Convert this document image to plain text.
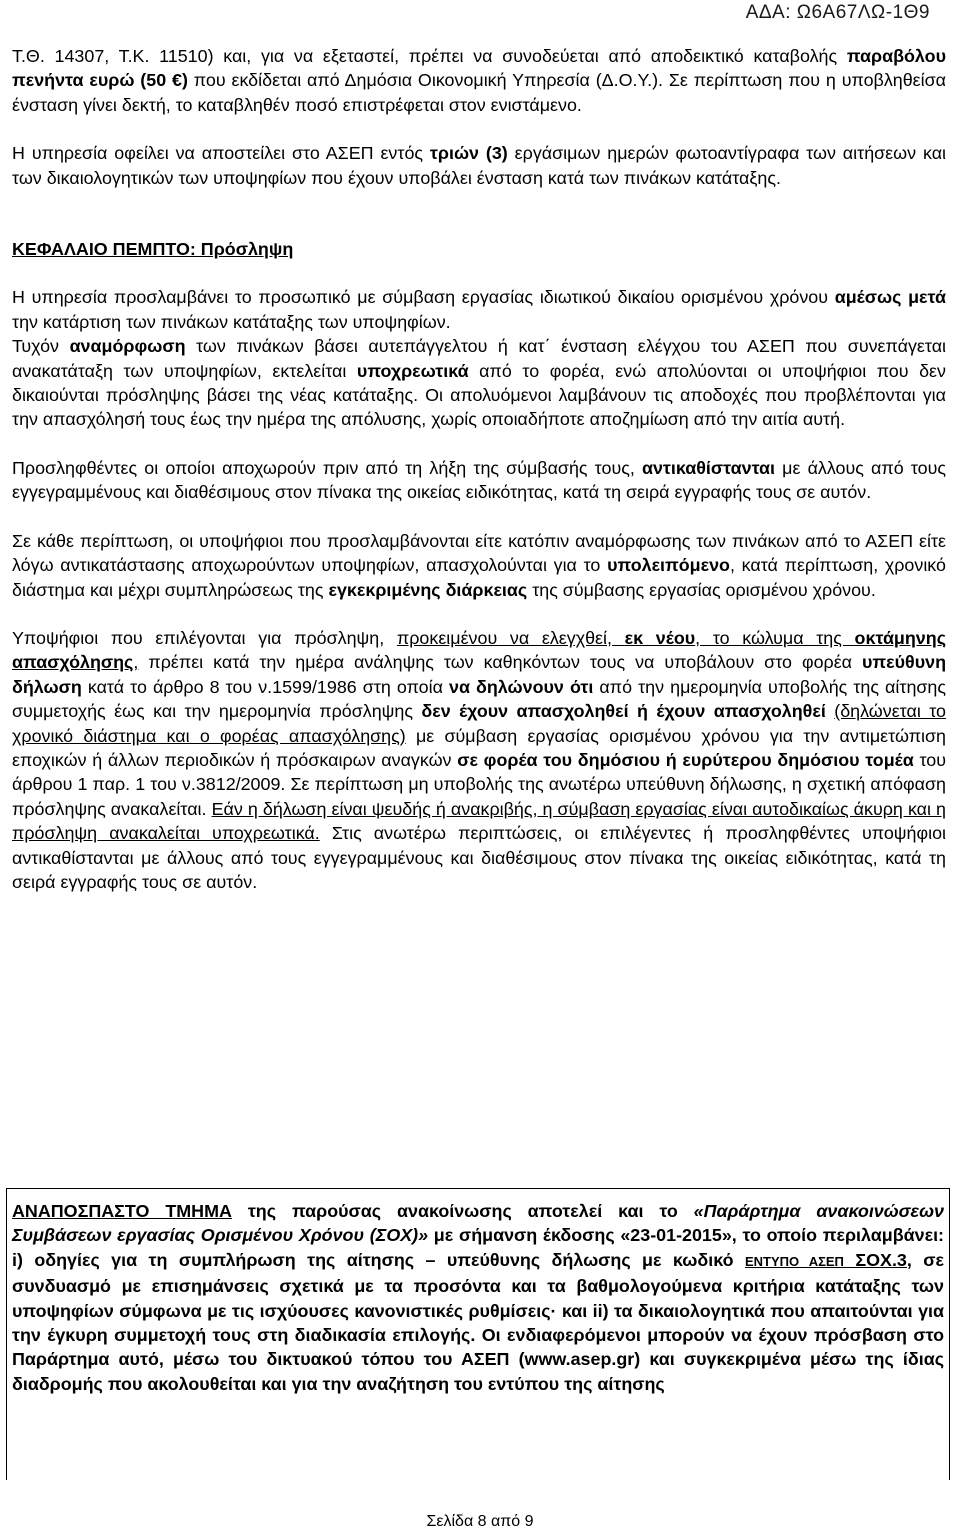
ΑΔΑ: Ω6Α67ΛΩ-1Θ9

Τ.Θ. 14307, Τ.Κ. 11510) και, για να εξεταστεί, πρέπει να συνοδεύεται από αποδεικτικό καταβολής παραβόλου πενήντα ευρώ (50 €) που εκδίδεται από Δημόσια Οικονομική Υπηρεσία (Δ.Ο.Υ.). Σε περίπτωση που η υποβληθείσα ένσταση γίνει δεκτή, το καταβληθέν ποσό επιστρέφεται στον ενιστάμενο.

Η υπηρεσία οφείλει να αποστείλει στο ΑΣΕΠ εντός τριών (3) εργάσιμων ημερών φωτοαντίγραφα των αιτήσεων και των δικαιολογητικών των υποψηφίων που έχουν υποβάλει ένσταση κατά των πινάκων κατάταξης.

ΚΕΦΑΛΑΙΟ ΠΕΜΠΤΟ: Πρόσληψη

Η υπηρεσία προσλαμβάνει το προσωπικό με σύμβαση εργασίας ιδιωτικού δικαίου ορισμένου χρόνου αμέσως μετά την κατάρτιση των πινάκων κατάταξης των υποψηφίων.

Τυχόν αναμόρφωση των πινάκων βάσει αυτεπάγγελτου ή κατ΄ ένσταση ελέγχου του ΑΣΕΠ που συνεπάγεται ανακατάταξη των υποψηφίων, εκτελείται υποχρεωτικά από το φορέα, ενώ απολύονται οι υποψήφιοι που δεν δικαιούνται πρόσληψης βάσει της νέας κατάταξης. Οι απολυόμενοι λαμβάνουν τις αποδοχές που προβλέπονται για την απασχόλησή τους έως την ημέρα της απόλυσης, χωρίς οποιαδήποτε αποζημίωση από την αιτία αυτή.

Προσληφθέντες οι οποίοι αποχωρούν πριν από τη λήξη της σύμβασής τους, αντικαθίστανται με άλλους από τους εγγεγραμμένους και διαθέσιμους στον πίνακα της οικείας ειδικότητας, κατά τη σειρά εγγραφής τους σε αυτόν.

Σε κάθε περίπτωση, οι υποψήφιοι που προσλαμβάνονται είτε κατόπιν αναμόρφωσης των πινάκων από το ΑΣΕΠ είτε λόγω αντικατάστασης αποχωρούντων υποψηφίων, απασχολούνται για το υπολειπόμενο, κατά περίπτωση, χρονικό διάστημα και μέχρι συμπληρώσεως της εγκεκριμένης διάρκειας της σύμβασης εργασίας ορισμένου χρόνου.

Υποψήφιοι που επιλέγονται για πρόσληψη, προκειμένου να ελεγχθεί, εκ νέου, το κώλυμα της οκτάμηνης απασχόλησης, πρέπει κατά την ημέρα ανάληψης των καθηκόντων τους να υποβάλουν στο φορέα υπεύθυνη δήλωση κατά το άρθρο 8 του ν.1599/1986 στη οποία να δηλώνουν ότι από την ημερομηνία υποβολής της αίτησης συμμετοχής έως και την ημερομηνία πρόσληψης δεν έχουν απασχοληθεί ή έχουν απασχοληθεί (δηλώνεται το χρονικό διάστημα και ο φορέας απασχόλησης) με σύμβαση εργασίας ορισμένου χρόνου για την αντιμετώπιση εποχικών ή άλλων περιοδικών ή πρόσκαιρων αναγκών σε φορέα του δημόσιου ή ευρύτερου δημόσιου τομέα του άρθρου 1 παρ. 1 του ν.3812/2009. Σε περίπτωση μη υποβολής της ανωτέρω υπεύθυνη δήλωσης, η σχετική απόφαση πρόσληψης ανακαλείται. Εάν η δήλωση είναι ψευδής ή ανακριβής, η σύμβαση εργασίας είναι αυτοδικαίως άκυρη και η πρόσληψη ανακαλείται υποχρεωτικά. Στις ανωτέρω περιπτώσεις, οι επιλέγεντες ή προσληφθέντες υποψήφιοι αντικαθίστανται με άλλους από τους εγγεγραμμένους και διαθέσιμους στον πίνακα της οικείας ειδικότητας, κατά τη σειρά εγγραφής τους σε αυτόν.

ΑΝΑΠΟΣΠΑΣΤΟ ΤΜΗΜΑ της παρούσας ανακοίνωσης αποτελεί και το «Παράρτημα ανακοινώσεων Συμβάσεων εργασίας Ορισμένου Χρόνου (ΣΟΧ)» με σήμανση έκδοσης «23-01-2015», το οποίο περιλαμβάνει: i) οδηγίες για τη συμπλήρωση της αίτησης – υπεύθυνης δήλωσης με κωδικό ΕΝΤΥΠΟ ΑΣΕΠ ΣΟΧ.3, σε συνδυασμό με επισημάνσεις σχετικά με τα προσόντα και τα βαθμολογούμενα κριτήρια κατάταξης των υποψηφίων σύμφωνα με τις ισχύουσες κανονιστικές ρυθμίσεις· και ii) τα δικαιολογητικά που απαιτούνται για την έγκυρη συμμετοχή τους στη διαδικασία επιλογής. Οι ενδιαφερόμενοι μπορούν να έχουν πρόσβαση στο Παράρτημα αυτό, μέσω του δικτυακού τόπου του ΑΣΕΠ (www.asep.gr) και συγκεκριμένα μέσω της ίδιας διαδρομής που ακολουθείται και για την αναζήτηση του εντύπου της αίτησης

Σελίδα 8 από 9
